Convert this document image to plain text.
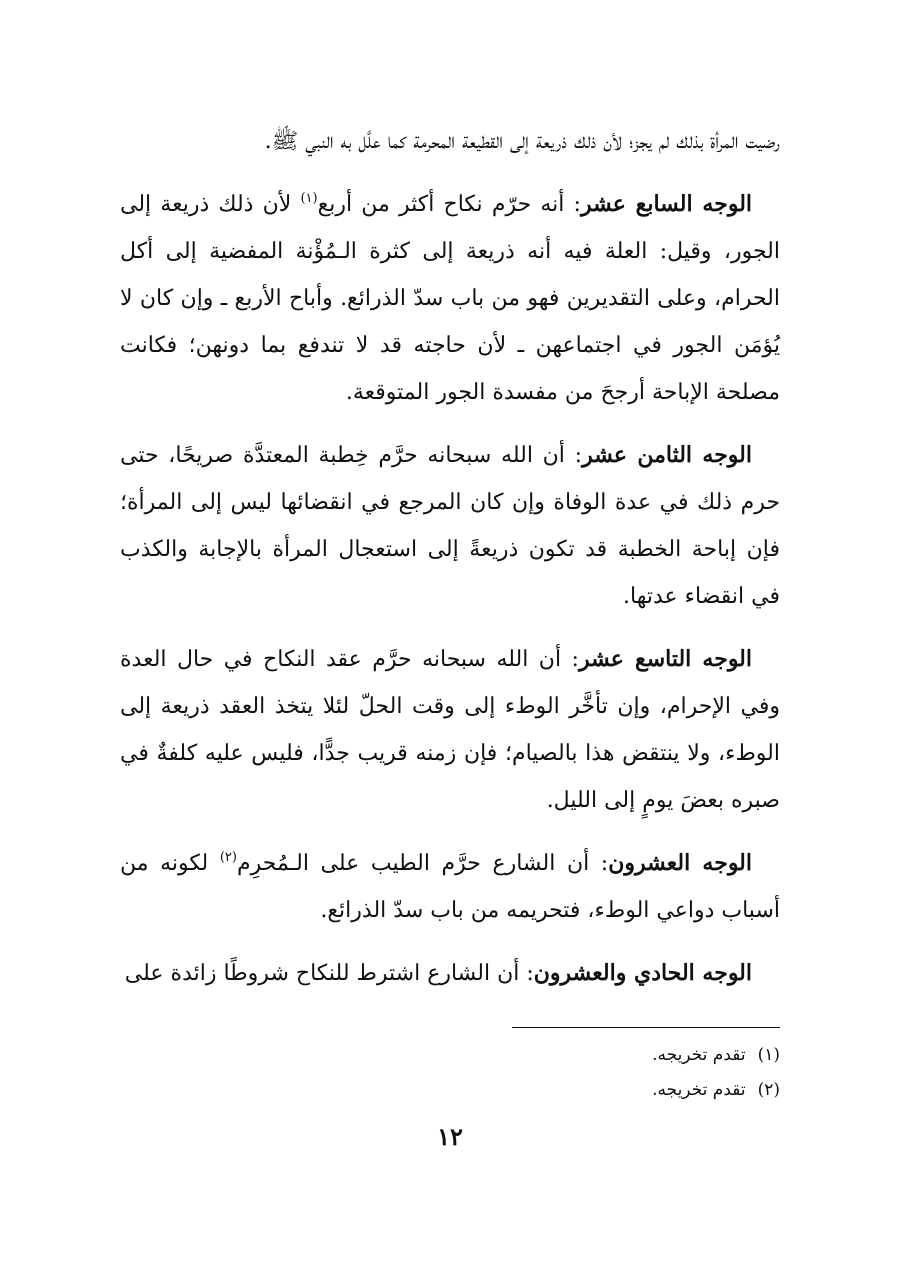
رضيت المرأة بذلك لم يجز؛ لأن ذلك ذريعة إلى القطيعة المحرمة كما علَّل به النبي ﷺ.

الوجه السابع عشر: أنه حرّم نكاح أكثر من أربع$^{(١)}$ لأن ذلك ذريعة إلى الجور، وقيل: العلة فيه أنه ذريعة إلى كثرة الـمُؤْنة المفضية إلى أكل الحرام، وعلى التقديرين فهو من باب سدّ الذرائع. وأباح الأربع ـ وإن كان لا يُؤمَن الجور في اجتماعهن ـ لأن حاجته قد لا تندفع بما دونهن؛ فكانت مصلحة الإباحة أرجحَ من مفسدة الجور المتوقعة.

الوجه الثامن عشر: أن الله سبحانه حرَّم خِطبة المعتدَّة صريحًا، حتى حرم ذلك في عدة الوفاة وإن كان المرجع في انقضائها ليس إلى المرأة؛ فإن إباحة الخطبة قد تكون ذريعةً إلى استعجال المرأة بالإجابة والكذب في انقضاء عدتها.

الوجه التاسع عشر: أن الله سبحانه حرَّم عقد النكاح في حال العدة وفي الإحرام، وإن تأخَّر الوطء إلى وقت الحلّ لئلا يتخذ العقد ذريعة إلى الوطء، ولا ينتقض هذا بالصيام؛ فإن زمنه قريب جدًّا، فليس عليه كلفةٌ في صبره بعضَ يومٍ إلى الليل.

الوجه العشرون: أن الشارع حرَّم الطيب على الـمُحرِم$^{(٢)}$ لكونه من أسباب دواعي الوطء، فتحريمه من باب سدّ الذرائع.

الوجه الحادي والعشرون: أن الشارع اشترط للنكاح شروطًا زائدة على

(١)تقدم تخريجه.
(٢)تقدم تخريجه.
١٢
